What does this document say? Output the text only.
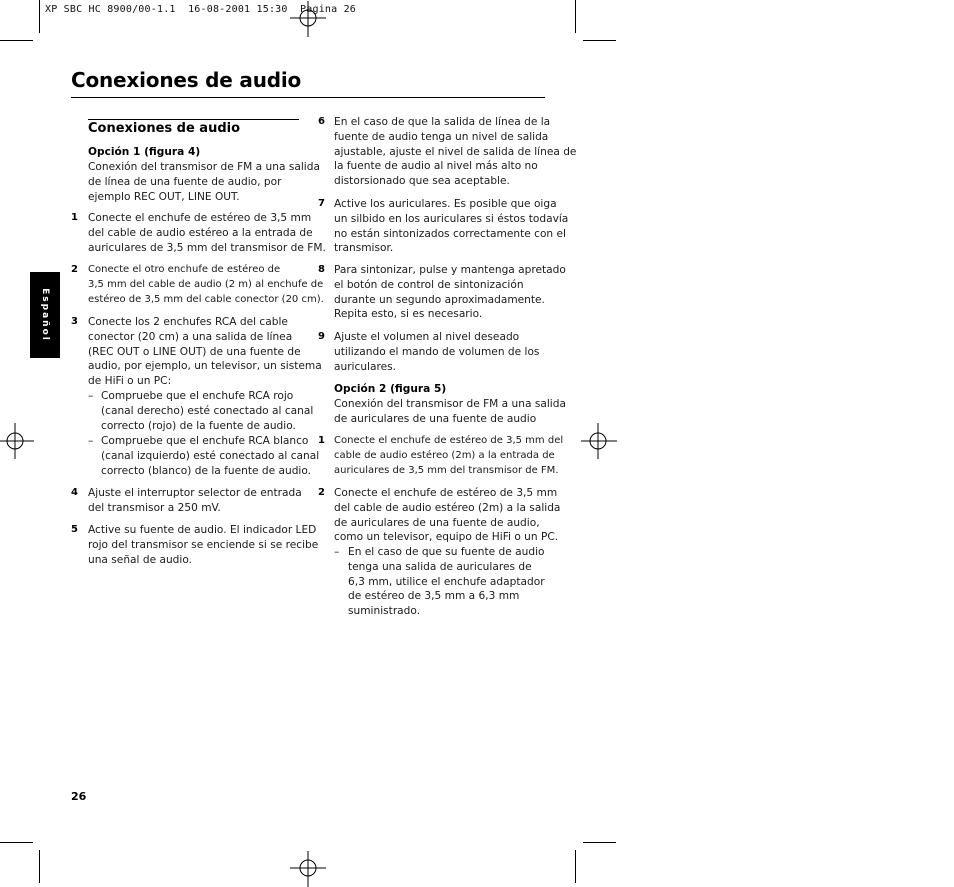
XP SBC HC 8900/00-1.1  16-08-2001 15:30  Pagina 26
Conexiones de audio
Español
Conexiones de audio
Opción 1 (figura 4)
Conexión del transmisor de FM a una salida
de línea de una fuente de audio, por
ejemplo REC OUT, LINE OUT.
1 Conecte el enchufe de estéreo de 3,5 mm
del cable de audio estéreo a la entrada de
auriculares de 3,5 mm del transmisor de FM.
2 Conecte el otro enchufe de estéreo de
3,5 mm del cable de audio (2 m) al enchufe de
estéreo de 3,5 mm del cable conector (20 cm).
3 Conecte los 2 enchufes RCA del cable
conector (20 cm) a una salida de línea
(REC OUT o LINE OUT) de una fuente de
audio, por ejemplo, un televisor, un sistema
de HiFi o un PC:
– Compruebe que el enchufe RCA rojo
(canal derecho) esté conectado al canal
correcto (rojo) de la fuente de audio.
– Compruebe que el enchufe RCA blanco
(canal izquierdo) esté conectado al canal
correcto (blanco) de la fuente de audio.
4 Ajuste el interruptor selector de entrada
del transmisor a 250 mV.
5 Active su fuente de audio. El indicador LED
rojo del transmisor se enciende si se recibe
una señal de audio.
6 En el caso de que la salida de línea de la
fuente de audio tenga un nivel de salida
ajustable, ajuste el nivel de salida de línea de
la fuente de audio al nivel más alto no
distorsionado que sea aceptable.
7 Active los auriculares. Es posible que oiga
un silbido en los auriculares si éstos todavía
no están sintonizados correctamente con el
transmisor.
8 Para sintonizar, pulse y mantenga apretado
el botón de control de sintonización
durante un segundo aproximadamente.
Repita esto, si es necesario.
9 Ajuste el volumen al nivel deseado
utilizando el mando de volumen de los
auriculares.
Opción 2 (figura 5)
Conexión del transmisor de FM a una salida
de auriculares de una fuente de audio
1 Conecte el enchufe de estéreo de 3,5 mm del
cable de audio estéreo (2m) a la entrada de
auriculares de 3,5 mm del transmisor de FM.
2 Conecte el enchufe de estéreo de 3,5 mm
del cable de audio estéreo (2m) a la salida
de auriculares de una fuente de audio,
como un televisor, equipo de HiFi o un PC.
– En el caso de que su fuente de audio
tenga una salida de auriculares de
6,3 mm, utilice el enchufe adaptador
de estéreo de 3,5 mm a 6,3 mm
suministrado.
26
